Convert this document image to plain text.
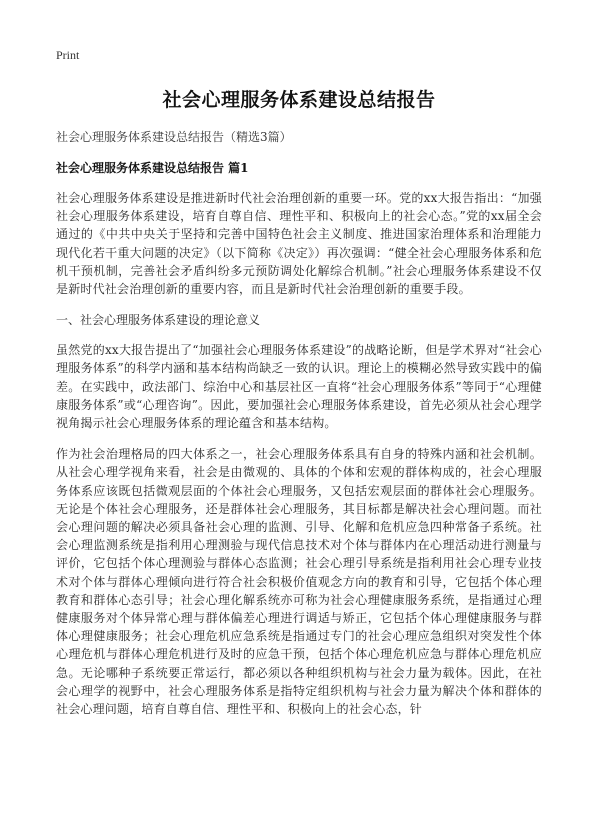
Print
社会心理服务体系建设总结报告
社会心理服务体系建设总结报告（精选3篇）
社会心理服务体系建设总结报告 篇1

社会心理服务体系建设是推进新时代社会治理创新的重要一环。党的xx大报告指出：“加强社会心理服务体系建设，培育自尊自信、理性平和、积极向上的社会心态。”党的xx届全会通过的《中共中央关于坚持和完善中国特色社会主义制度、推进国家治理体系和治理能力现代化若干重大问题的决定》（以下简称《决定》）再次强调：“健全社会心理服务体系和危机干预机制，完善社会矛盾纠纷多元预防调处化解综合机制。”社会心理服务体系建设不仅是新时代社会治理创新的重要内容，而且是新时代社会治理创新的重要手段。

一、社会心理服务体系建设的理论意义

虽然党的xx大报告提出了“加强社会心理服务体系建设”的战略论断，但是学术界对“社会心理服务体系”的科学内涵和基本结构尚缺乏一致的认识。理论上的模糊必然导致实践中的偏差。在实践中，政法部门、综治中心和基层社区一直将“社会心理服务体系”等同于“心理健康服务体系”或“心理咨询”。因此，要加强社会心理服务体系建设，首先必须从社会心理学视角揭示社会心理服务体系的理论蕴含和基本结构。

作为社会治理格局的四大体系之一，社会心理服务体系具有自身的特殊内涵和社会机制。从社会心理学视角来看，社会是由微观的、具体的个体和宏观的群体构成的，社会心理服务体系应该既包括微观层面的个体社会心理服务，又包括宏观层面的群体社会心理服务。无论是个体社会心理服务，还是群体社会心理服务，其目标都是解决社会心理问题。而社会心理问题的解决必须具备社会心理的监测、引导、化解和危机应急四种常备子系统。社会心理监测系统是指利用心理测验与现代信息技术对个体与群体内在心理活动进行测量与评价，它包括个体心理测验与群体心态监测；社会心理引导系统是指利用社会心理专业技术对个体与群体心理倾向进行符合社会积极价值观念方向的教育和引导，它包括个体心理教育和群体心态引导；社会心理化解系统亦可称为社会心理健康服务系统，是指通过心理健康服务对个体异常心理与群体偏差心理进行调适与矫正，它包括个体心理健康服务与群体心理健康服务；社会心理危机应急系统是指通过专门的社会心理应急组织对突发性个体心理危机与群体心理危机进行及时的应急干预，包括个体心理危机应急与群体心理危机应急。无论哪种子系统要正常运行，都必须以各种组织机构与社会力量为载体。因此，在社会心理学的视野中，社会心理服务体系是指特定组织机构与社会力量为解决个体和群体的社会心理问题，培育自尊自信、理性平和、积极向上的社会心态，针
